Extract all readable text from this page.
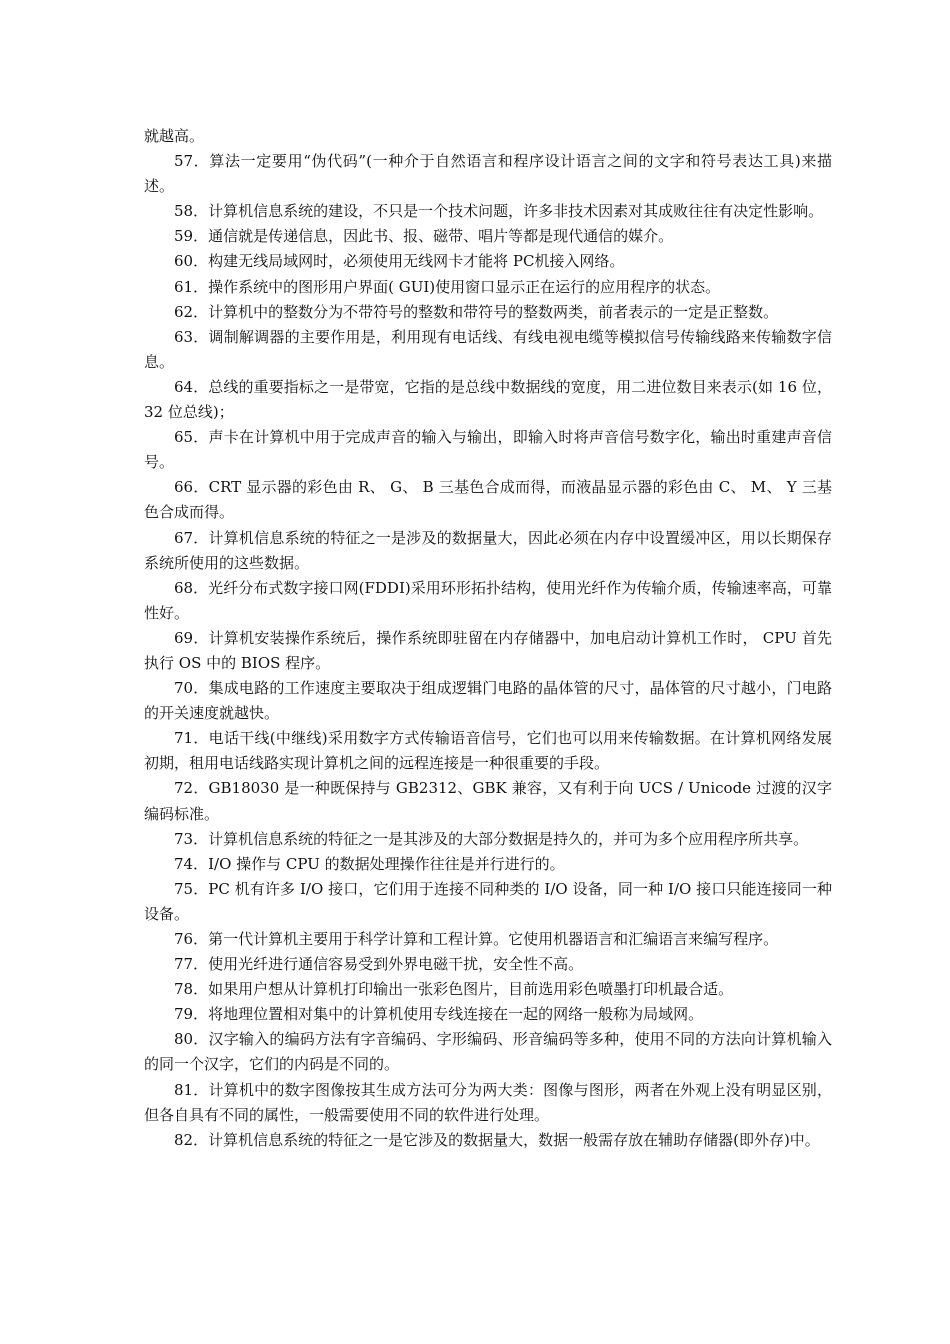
就越高。

57．算法一定要用“伪代码”(一种介于自然语言和程序设计语言之间的文字和符号表达工具)来描述。

58．计算机信息系统的建设，不只是一个技术问题，许多非技术因素对其成败往往有决定性影响。

59．通信就是传递信息，因此书、报、磁带、唱片等都是现代通信的媒介。

60．构建无线局域网时，必须使用无线网卡才能将 PC机接入网络。

61．操作系统中的图形用户界面( GUI)使用窗口显示正在运行的应用程序的状态。

62．计算机中的整数分为不带符号的整数和带符号的整数两类，前者表示的一定是正整数。

63．调制解调器的主要作用是，利用现有电话线、有线电视电缆等模拟信号传输线路来传输数字信息。

64．总线的重要指标之一是带宽，它指的是总线中数据线的宽度，用二进位数目来表示(如 16 位，32 位总线)；

65．声卡在计算机中用于完成声音的输入与输出，即输入时将声音信号数字化，输出时重建声音信号。

66．CRT 显示器的彩色由 R、 G、 B 三基色合成而得，而液晶显示器的彩色由 C、 M、 Y 三基色合成而得。

67．计算机信息系统的特征之一是涉及的数据量大，因此必须在内存中设置缓冲区，用以长期保存系统所使用的这些数据。

68．光纤分布式数字接口网(FDDI)采用环形拓扑结构，使用光纤作为传输介质，传输速率高，可靠性好。

69．计算机安装操作系统后，操作系统即驻留在内存储器中，加电启动计算机工作时， CPU 首先执行 OS 中的 BIOS 程序。

70．集成电路的工作速度主要取决于组成逻辑门电路的晶体管的尺寸，晶体管的尺寸越小，门电路的开关速度就越快。

71．电话干线(中继线)采用数字方式传输语音信号，它们也可以用来传输数据。在计算机网络发展初期，租用电话线路实现计算机之间的远程连接是一种很重要的手段。

72．GB18030 是一种既保持与 GB2312、GBK 兼容，又有利于向 UCS / Unicode 过渡的汉字编码标准。

73．计算机信息系统的特征之一是其涉及的大部分数据是持久的，并可为多个应用程序所共享。

74．I/O 操作与 CPU 的数据处理操作往往是并行进行的。

75．PC 机有许多 I/O 接口，它们用于连接不同种类的 I/O 设备，同一种 I/O 接口只能连接同一种设备。

76．第一代计算机主要用于科学计算和工程计算。它使用机器语言和汇编语言来编写程序。

77．使用光纤进行通信容易受到外界电磁干扰，安全性不高。

78．如果用户想从计算机打印输出一张彩色图片，目前选用彩色喷墨打印机最合适。

79．将地理位置相对集中的计算机使用专线连接在一起的网络一般称为局域网。

80．汉字输入的编码方法有字音编码、字形编码、形音编码等多种，使用不同的方法向计算机输入的同一个汉字，它们的内码是不同的。

81．计算机中的数字图像按其生成方法可分为两大类：图像与图形，两者在外观上没有明显区别，但各自具有不同的属性，一般需要使用不同的软件进行处理。

82．计算机信息系统的特征之一是它涉及的数据量大，数据一般需存放在辅助存储器(即外存)中。
